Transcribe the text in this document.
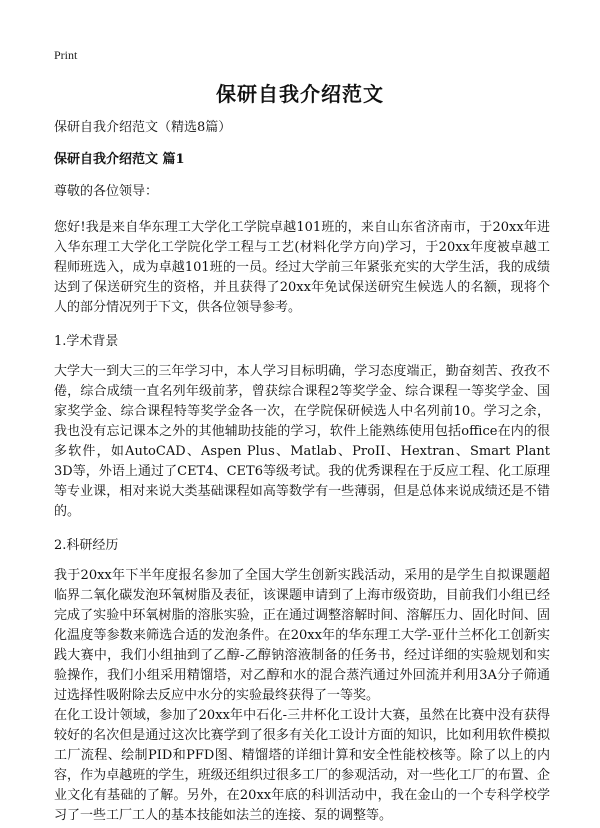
Print
保研自我介绍范文
保研自我介绍范文（精选8篇）
保研自我介绍范文 篇1
尊敬的各位领导：
您好!我是来自华东理工大学化工学院卓越101班的，来自山东省济南市，于20xx年进入华东理工大学化工学院化学工程与工艺(材料化学方向)学习，于20xx年度被卓越工程师班选入，成为卓越101班的一员。经过大学前三年紧张充实的大学生活，我的成绩达到了保送研究生的资格，并且获得了20xx年免试保送研究生候选人的名额，现将个人的部分情况列于下文，供各位领导参考。
1.学术背景
大学大一到大三的三年学习中，本人学习目标明确，学习态度端正，勤奋刻苦、孜孜不倦，综合成绩一直名列年级前茅，曾获综合课程2等奖学金、综合课程一等奖学金、国家奖学金、综合课程特等奖学金各一次，在学院保研候选人中名列前10。学习之余，我也没有忘记课本之外的其他辅助技能的学习，软件上能熟练使用包括office在内的很多软件，如AutoCAD、Aspen Plus、Matlab、ProII、Hextran、Smart Plant 3D等，外语上通过了CET4、CET6等级考试。我的优秀课程在于反应工程、化工原理等专业课，相对来说大类基础课程如高等数学有一些薄弱，但是总体来说成绩还是不错的。
2.科研经历
我于20xx年下半年度报名参加了全国大学生创新实践活动，采用的是学生自拟课题超临界二氧化碳发泡环氧树脂及表征，该课题申请到了上海市级资助，目前我们小组已经完成了实验中环氧树脂的溶胀实验，正在通过调整溶解时间、溶解压力、固化时间、固化温度等参数来筛选合适的发泡条件。在20xx年的华东理工大学-亚什兰杯化工创新实践大赛中，我们小组抽到了乙醇-乙醇钠溶液制备的任务书，经过详细的实验规划和实验操作，我们小组采用精馏塔，对乙醇和水的混合蒸汽通过外回流并利用3A分子筛通过选择性吸附除去反应中水分的实验最终获得了一等奖。
在化工设计领域，参加了20xx年中石化-三井杯化工设计大赛，虽然在比赛中没有获得较好的名次但是通过这次比赛学到了很多有关化工设计方面的知识，比如利用软件模拟工厂流程、绘制PID和PFD图、精馏塔的详细计算和安全性能校核等。除了以上的内容，作为卓越班的学生，班级还组织过很多工厂的参观活动，对一些化工厂的布置、企业文化有基础的了解。另外，在20xx年底的科训活动中，我在金山的一个专科学校学习了一些工厂工人的基本技能如法兰的连接、泵的调整等。
